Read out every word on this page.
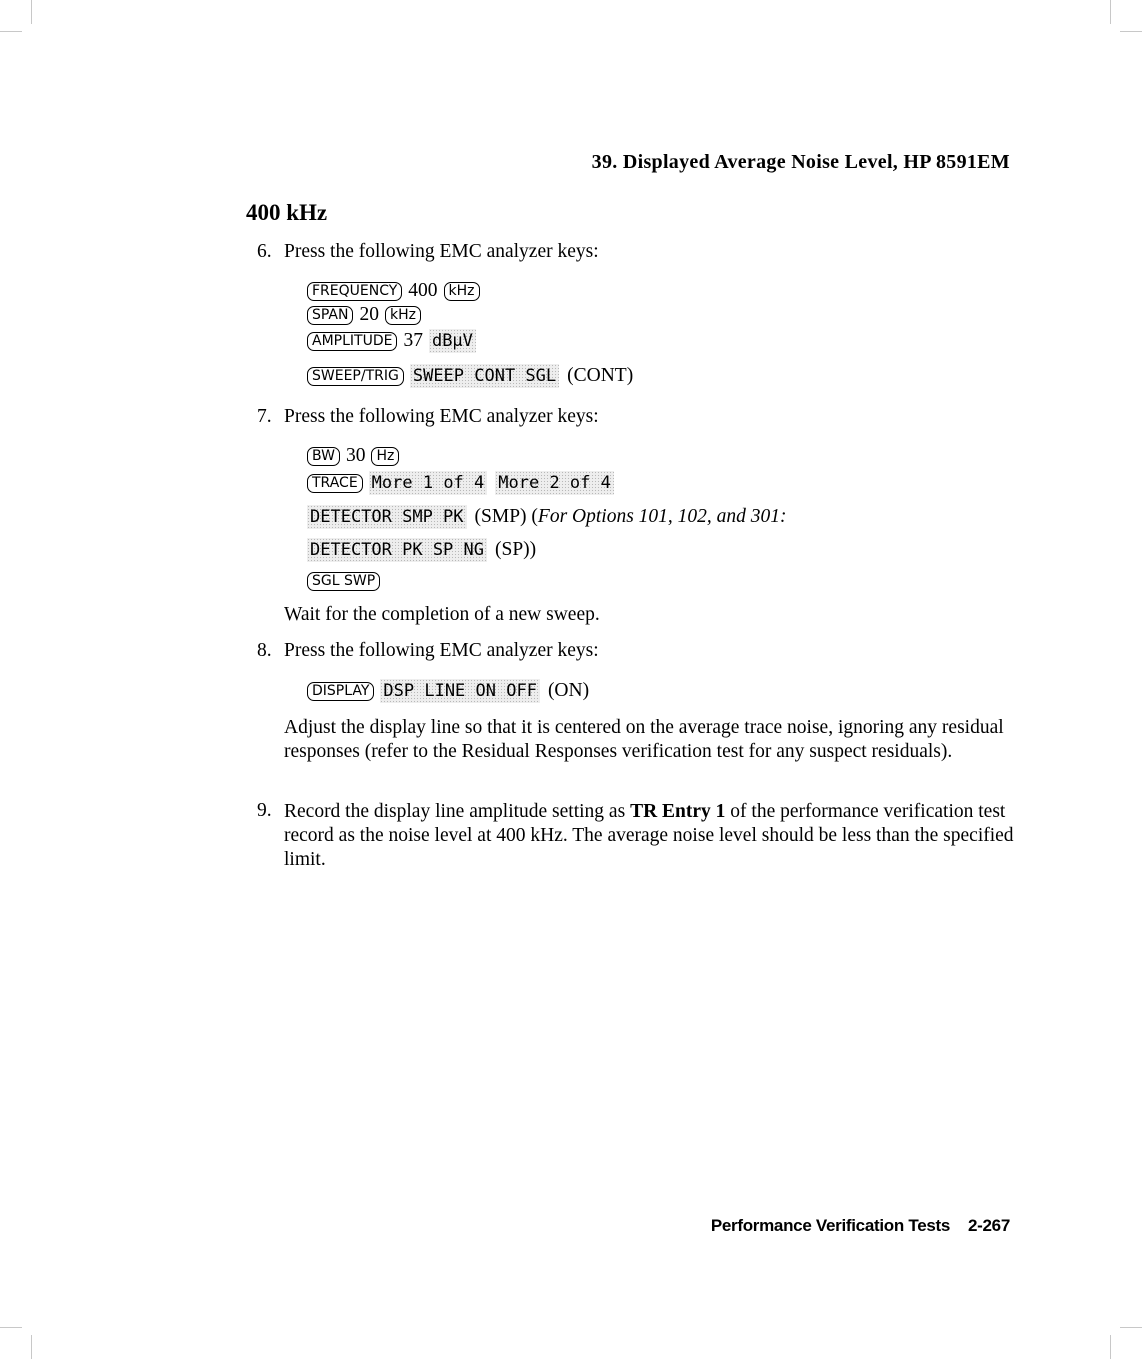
39. Displayed Average Noise Level, HP 8591EM
400 kHz
6. Press the following EMC analyzer keys:
FREQUENCY 400 kHz
SPAN 20 kHz
AMPLITUDE 37 dBμV
SWEEP/TRIG SWEEP CONT SGL (CONT)
7. Press the following EMC analyzer keys:
BW 30 Hz
TRACE More 1 of 4 More 2 of 4
DETECTOR SMP PK (SMP) ( For Options 101, 102, and 301:
DETECTOR PK SP NG (SP))
SGL SWP
Wait for the completion of a new sweep.
8. Press the following EMC analyzer keys:
DISPLAY DSP LINE ON OFF (ON)
Adjust the display line so that it is centered on the average trace noise, ignoring any residual responses (refer to the Residual Responses verification test for any suspect residuals).
9. Record the display line amplitude setting as TR Entry 1 of the performance verification test record as the noise level at 400 kHz. The average noise level should be less than the specified limit.
Performance Verification Tests 2-267
